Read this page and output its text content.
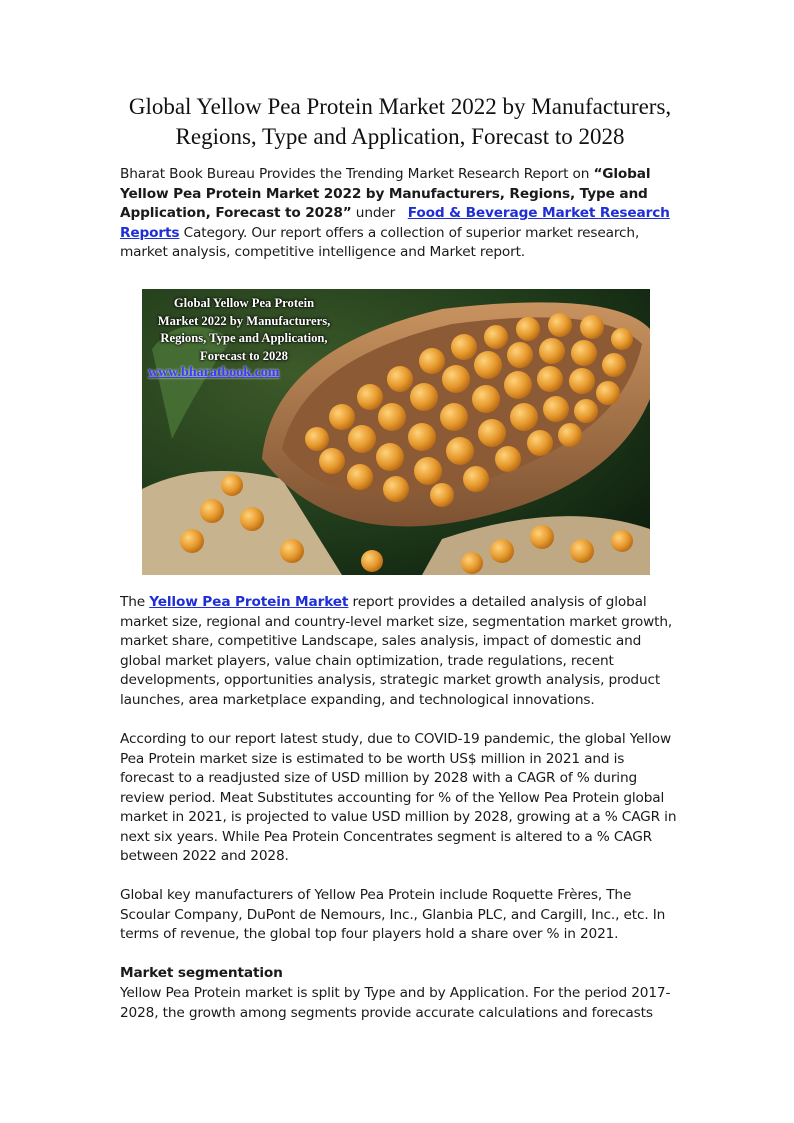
Global Yellow Pea Protein Market 2022 by Manufacturers,
Regions, Type and Application, Forecast to 2028

Bharat Book Bureau Provides the Trending Market Research Report on “Global Yellow Pea Protein Market 2022 by Manufacturers, Regions, Type and Application, Forecast to 2028” under   Food & Beverage Market Research Reports Category. Our report offers a collection of superior market research, market analysis, competitive intelligence and Market report.

Global Yellow Pea Protein
Market 2022 by Manufacturers,
Regions, Type and Application,
Forecast to 2028
www.bharatbook.com

The Yellow Pea Protein Market report provides a detailed analysis of global market size, regional and country-level market size, segmentation market growth, market share, competitive Landscape, sales analysis, impact of domestic and global market players, value chain optimization, trade regulations, recent developments, opportunities analysis, strategic market growth analysis, product launches, area marketplace expanding, and technological innovations.

According to our report latest study, due to COVID-19 pandemic, the global Yellow Pea Protein market size is estimated to be worth US$ million in 2021 and is forecast to a readjusted size of USD million by 2028 with a CAGR of % during review period. Meat Substitutes accounting for % of the Yellow Pea Protein global market in 2021, is projected to value USD million by 2028, growing at a % CAGR in next six years. While Pea Protein Concentrates segment is altered to a % CAGR between 2022 and 2028.

Global key manufacturers of Yellow Pea Protein include Roquette Frères, The Scoular Company, DuPont de Nemours, Inc., Glanbia PLC, and Cargill, Inc., etc. In terms of revenue, the global top four players hold a share over % in 2021.

Market segmentation

Yellow Pea Protein market is split by Type and by Application. For the period 2017-2028, the growth among segments provide accurate calculations and forecasts
